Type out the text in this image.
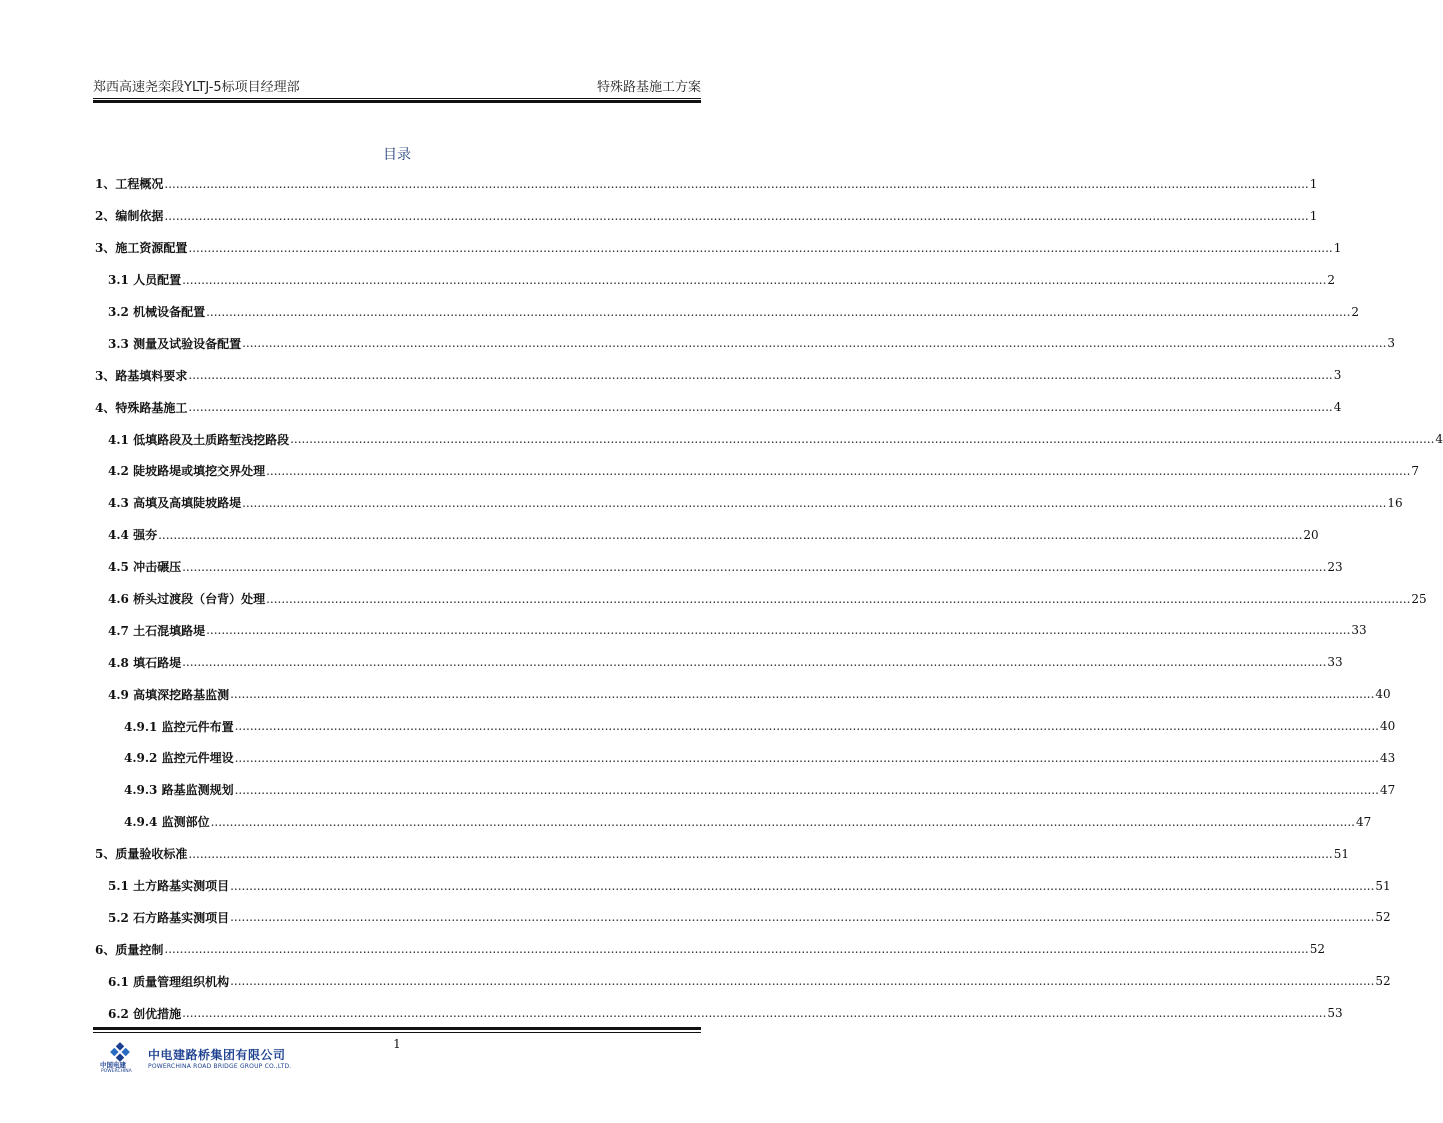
郑西高速尧栾段YLTJ-5标项目经理部	特殊路基施工方案
目录
1、工程概况 ............................................................................................................................................................................................................................................................................................................ 1
2、编制依据 ............................................................................................................................................................................................................................................................................................................ 1
3、施工资源配置 ............................................................................................................................................................................................................................................................................................................ 1
3.1 人员配置 ............................................................................................................................................................................................................................................................................................................ 2
3.2 机械设备配置 ............................................................................................................................................................................................................................................................................................................ 2
3.3 测量及试验设备配置 ............................................................................................................................................................................................................................................................................................................ 3
3、路基填料要求 ............................................................................................................................................................................................................................................................................................................ 3
4、特殊路基施工 ............................................................................................................................................................................................................................................................................................................ 4
4.1 低填路段及土质路堑浅挖路段 ............................................................................................................................................................................................................................................................................................................ 4
4.2 陡坡路堤或填挖交界处理 ............................................................................................................................................................................................................................................................................................................ 7
4.3 高填及高填陡坡路堤 ............................................................................................................................................................................................................................................................................................................ 16
4.4 强夯 ............................................................................................................................................................................................................................................................................................................ 20
4.5 冲击碾压 ............................................................................................................................................................................................................................................................................................................ 23
4.6 桥头过渡段（台背）处理 ............................................................................................................................................................................................................................................................................................................ 25
4.7 土石混填路堤 ............................................................................................................................................................................................................................................................................................................ 33
4.8 填石路堤 ............................................................................................................................................................................................................................................................................................................ 33
4.9 高填深挖路基监测 ............................................................................................................................................................................................................................................................................................................ 40
4.9.1 监控元件布置 ............................................................................................................................................................................................................................................................................................................ 40
4.9.2 监控元件埋设 ............................................................................................................................................................................................................................................................................................................ 43
4.9.3 路基监测规划 ............................................................................................................................................................................................................................................................................................................ 47
4.9.4 监测部位 ............................................................................................................................................................................................................................................................................................................ 47
5、质量验收标准 ............................................................................................................................................................................................................................................................................................................ 51
5.1 土方路基实测项目 ............................................................................................................................................................................................................................................................................................................ 51
5.2 石方路基实测项目 ............................................................................................................................................................................................................................................................................................................ 52
6、质量控制 ............................................................................................................................................................................................................................................................................................................ 52
6.1 质量管理组织机构 ............................................................................................................................................................................................................................................................................................................ 52
6.2 创优措施 ............................................................................................................................................................................................................................................................................................................ 53
1
中国电建
POWERCHINA
中电建路桥集团有限公司
POWERCHINA ROAD BRIDGE GROUP CO.,LTD.
